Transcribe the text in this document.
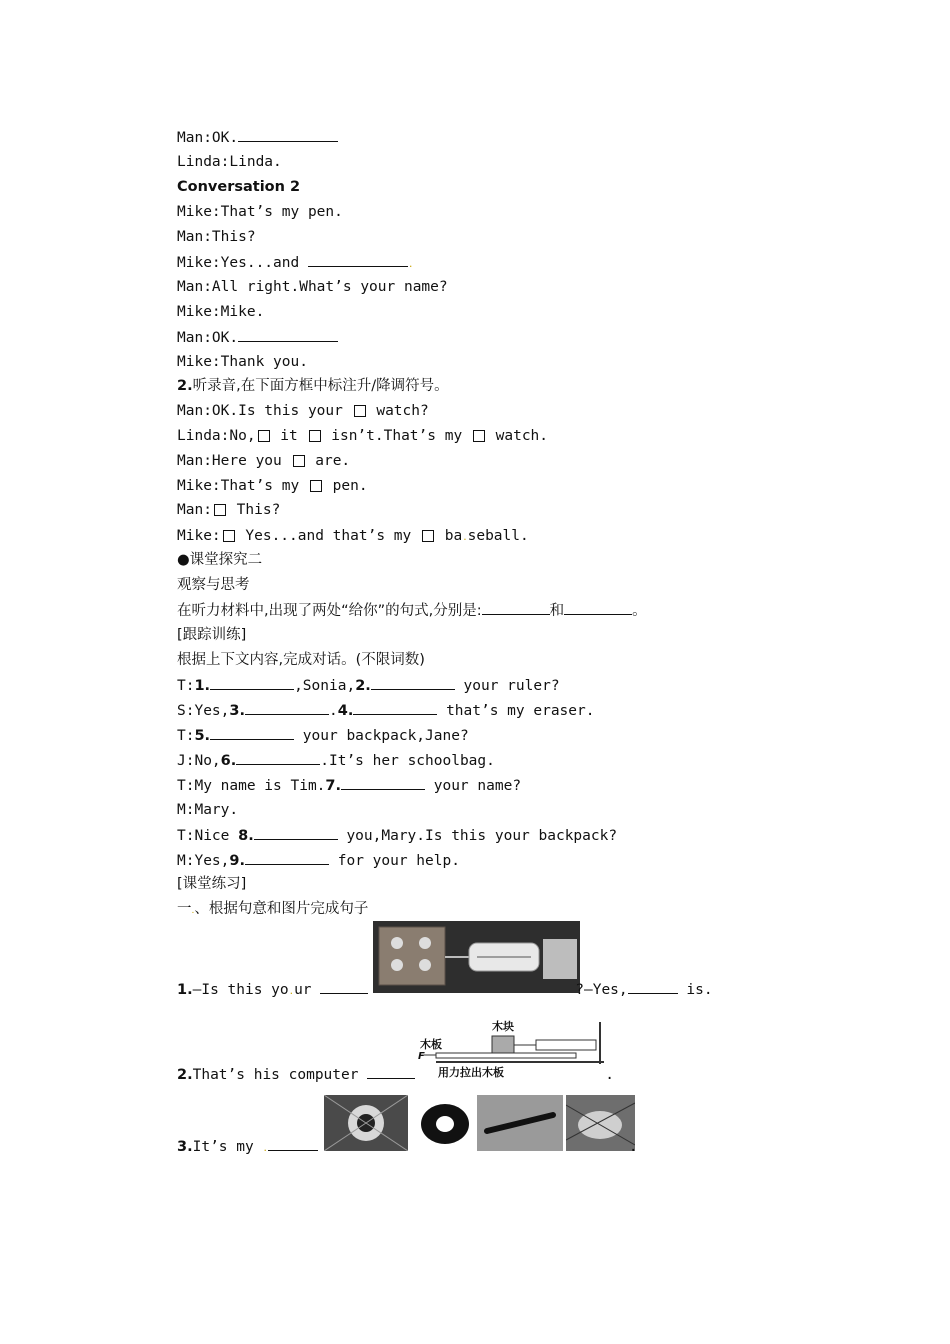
Man:OK.
Linda:Linda.
Conversation 2
Mike:That’s my pen.
Man:This?
Mike:Yes...and	.
Man:All right.What’s your name?
Mike:Mike.
Man:OK.
Mike:Thank you.
2.听录音,在下面方框中标注升/降调符号。
Man:OK.Is this your  watch?
Linda:No, it  isn’t.That’s my  watch.
Man:Here you  are.
Mike:That’s my  pen.
Man: This?
Mike: Yes...and that’s my  ba.seball.
●课堂探究二
观察与思考
在听力材料中,出现了两处“给你”的句式,分别是:	和	。
[跟踪训练]
根据上下文内容,完成对话。(不限词数)
T:1.	,Sonia,2.	your ruler?
S:Yes,3.	.4.	that’s my eraser.
T:5.	your backpack,Jane?
J:No,6.	.It’s her schoolbag.
T:My name is Tim.7.	your name?
M:Mary.
T:Nice 8.	you,Mary.Is this your backpack?
M:Yes,9.	for your help.
[课堂练习]
一.、根据句意和图片完成句子
1.—Is this yo.ur	?—Yes,	is.
木块
木板
F
用力拉出木板
2.That’s his computer	.
3.It’s my .	.
